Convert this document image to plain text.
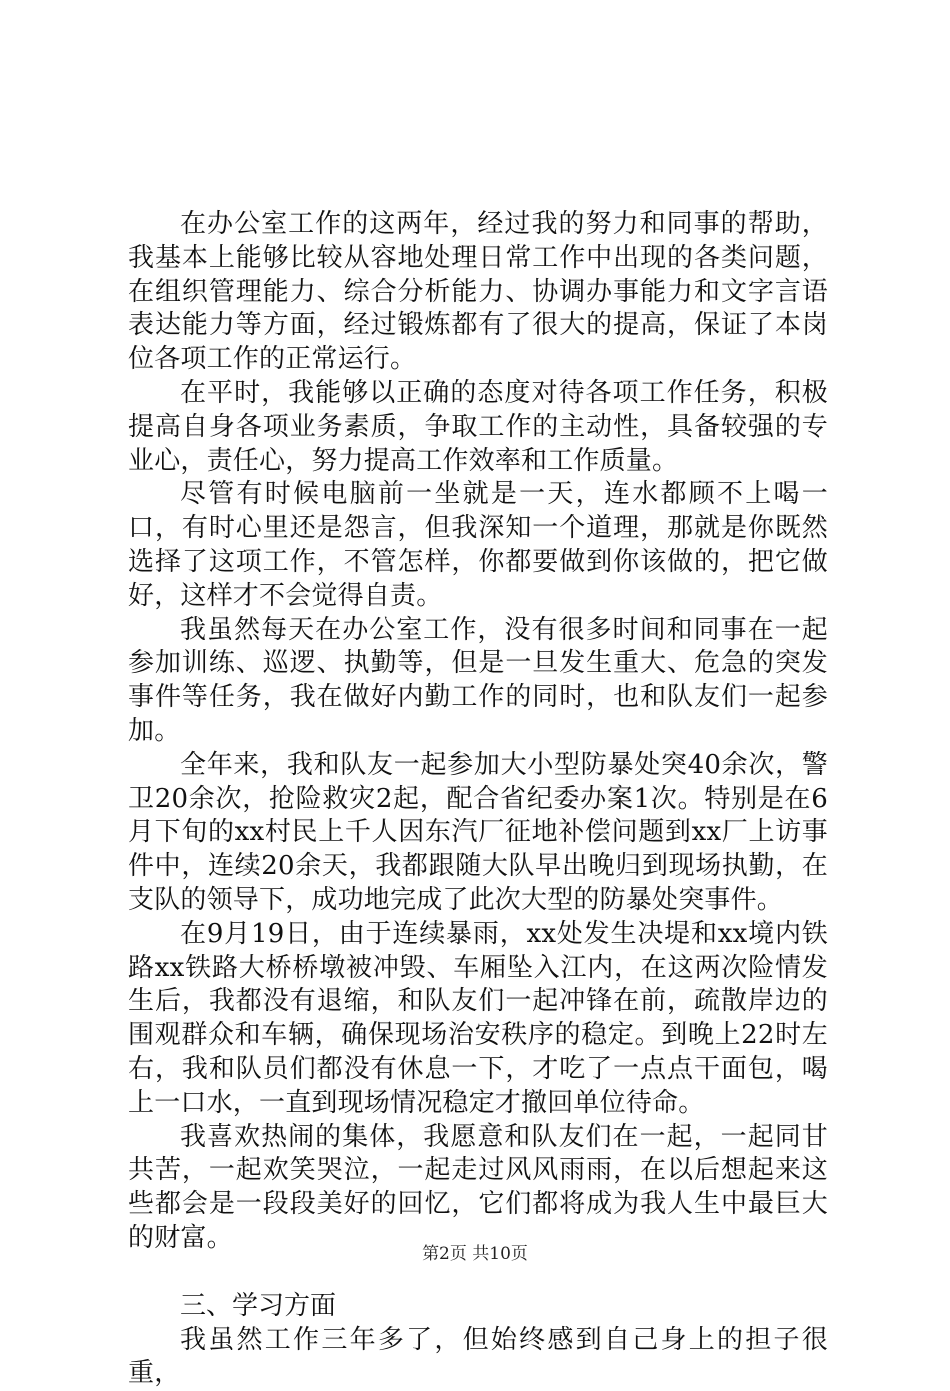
在办公室工作的这两年，经过我的努力和同事的帮助，我基本上能够比较从容地处理日常工作中出现的各类问题，在组织管理能力、综合分析能力、协调办事能力和文字言语表达能力等方面，经过锻炼都有了很大的提高，保证了本岗位各项工作的正常运行。

在平时，我能够以正确的态度对待各项工作任务，积极提高自身各项业务素质，争取工作的主动性，具备较强的专业心，责任心，努力提高工作效率和工作质量。

尽管有时候电脑前一坐就是一天，连水都顾不上喝一口，有时心里还是怨言，但我深知一个道理，那就是你既然选择了这项工作，不管怎样，你都要做到你该做的，把它做好，这样才不会觉得自责。

我虽然每天在办公室工作，没有很多时间和同事在一起参加训练、巡逻、执勤等，但是一旦发生重大、危急的突发事件等任务，我在做好内勤工作的同时，也和队友们一起参加。

全年来，我和队友一起参加大小型防暴处突40余次，警卫20余次，抢险救灾2起，配合省纪委办案1次。特别是在6月下旬的xx村民上千人因东汽厂征地补偿问题到xx厂上访事件中，连续20余天，我都跟随大队早出晚归到现场执勤，在支队的领导下，成功地完成了此次大型的防暴处突事件。

在9月19日，由于连续暴雨，xx处发生决堤和xx境内铁路xx铁路大桥桥墩被冲毁、车厢坠入江内，在这两次险情发生后，我都没有退缩，和队友们一起冲锋在前，疏散岸边的围观群众和车辆，确保现场治安秩序的稳定。到晚上22时左右，我和队员们都没有休息一下，才吃了一点点干面包，喝上一口水，一直到现场情况稳定才撤回单位待命。

我喜欢热闹的集体，我愿意和队友们在一起，一起同甘共苦，一起欢笑哭泣，一起走过风风雨雨，在以后想起来这些都会是一段段美好的回忆，它们都将成为我人生中最巨大的财富。

三、学习方面

我虽然工作三年多了，但始终感到自己身上的担子很重，

第2页 共10页
